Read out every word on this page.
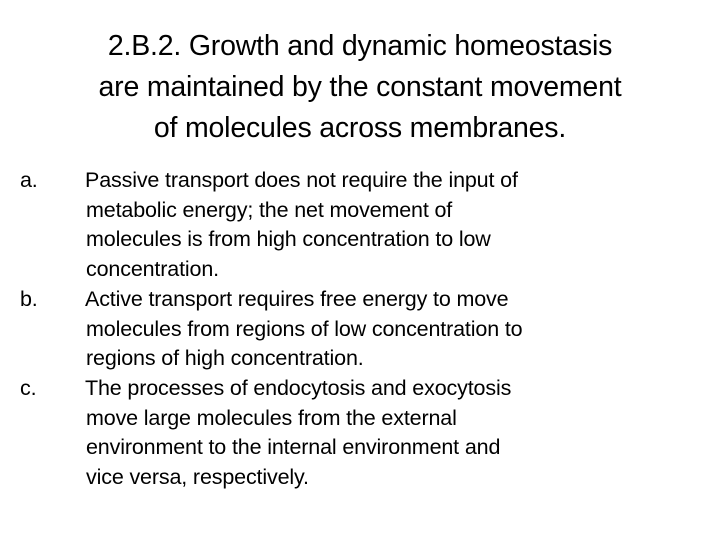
2.B.2. Growth and dynamic homeostasis
are maintained by the constant movement
of molecules across membranes.
a. Passive transport does not require the input of
metabolic energy; the net movement of
molecules is from high concentration to low
concentration.
b. Active transport requires free energy to move
molecules from regions of low concentration to
regions of high concentration.
c. The processes of endocytosis and exocytosis
move large molecules from the external
environment to the internal environment and
vice versa, respectively.
